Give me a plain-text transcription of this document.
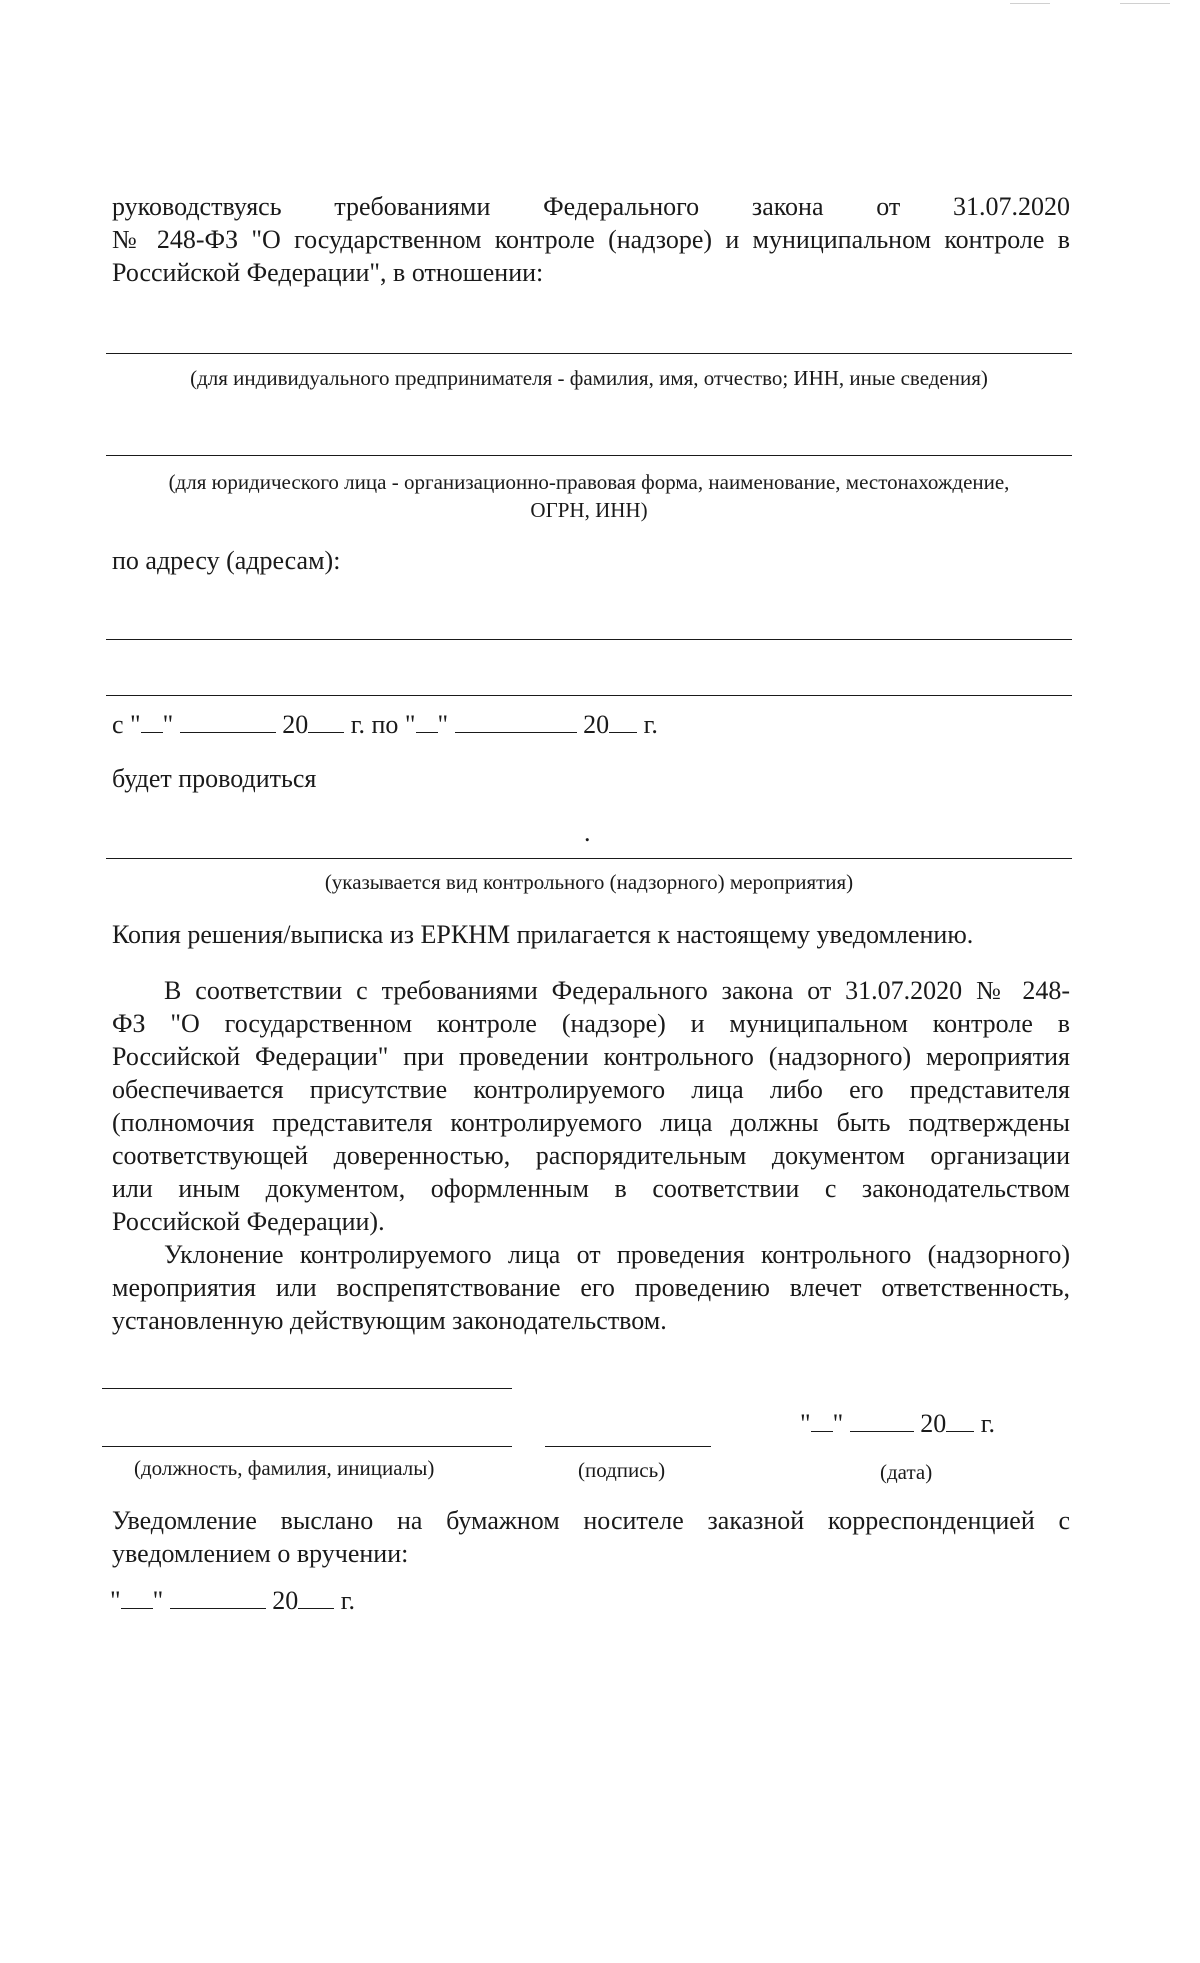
руководствуясь требованиями Федерального закона от 31.07.2020
№ 248-ФЗ "О государственном контроле (надзоре) и муниципальном контроле в
Российской Федерации", в отношении:
(для индивидуального предпринимателя - фамилия, имя, отчество; ИНН, иные сведения)
(для юридического лица - организационно-правовая форма, наименование, местонахождение,
ОГРН, ИНН)
по адресу (адресам):
с " "	20 г. по " "	20 г.
будет проводиться
.
(указывается вид контрольного (надзорного) мероприятия)
Копия решения/выписка из ЕРКНМ прилагается к настоящему уведомлению.
В соответствии с требованиями Федерального закона от 31.07.2020 № 248-
ФЗ "О государственном контроле (надзоре) и муниципальном контроле в
Российской Федерации" при проведении контрольного (надзорного) мероприятия
обеспечивается присутствие контролируемого лица либо его представителя
(полномочия представителя контролируемого лица должны быть подтверждены
соответствующей доверенностью, распорядительным документом организации
или иным документом, оформленным в соответствии с законодательством
Российской Федерации).
Уклонение контролируемого лица от проведения контрольного (надзорного)
мероприятия или воспрепятствование его проведению влечет ответственность,
установленную действующим законодательством.
" "	20 г.
(должность, фамилия, инициалы)	(подпись)	(дата)
Уведомление выслано на бумажном носителе заказной корреспонденцией с
уведомлением о вручении:
" "	20 г.
